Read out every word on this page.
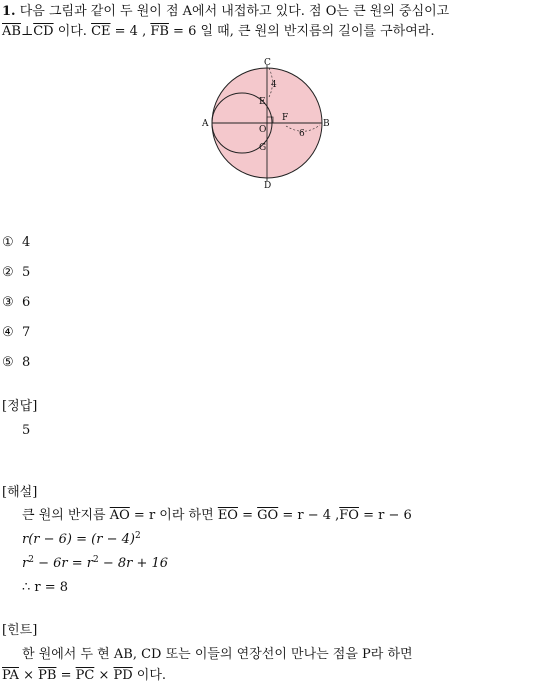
1. 다음 그림과 같이 두 원이 점 A에서 내접하고 있다. 점 O는 큰 원의 중심이고
$\overline{AB}\perp\overline{CD}$ 이다. $\overline{CE} = 4$ , $\overline{FB} = 6$ 일 때, 큰 원의 반지름의 길이를 구하여라.
A	B
C
D
O
E
F
G
4
6
① 4
② 5
③ 6
④ 7
⑤ 8
[정답]
5
[해설]
큰 원의 반지름 $\overline{AO} = r$ 이라 하면 $\overline{EO} = \overline{GO} = r - 4$ $,\overline{FO} = r - 6$
$r(r - 6) = (r - 4)^2$
$r^2 - 6r = r^2 - 8r + 16$
∴ r = 8
[힌트]
한 원에서 두 현 AB, CD 또는 이들의 연장선이 만나는 점을 P라 하면
$\overline{PA} \times \overline{PB} = \overline{PC} \times \overline{PD}$ 이다.
